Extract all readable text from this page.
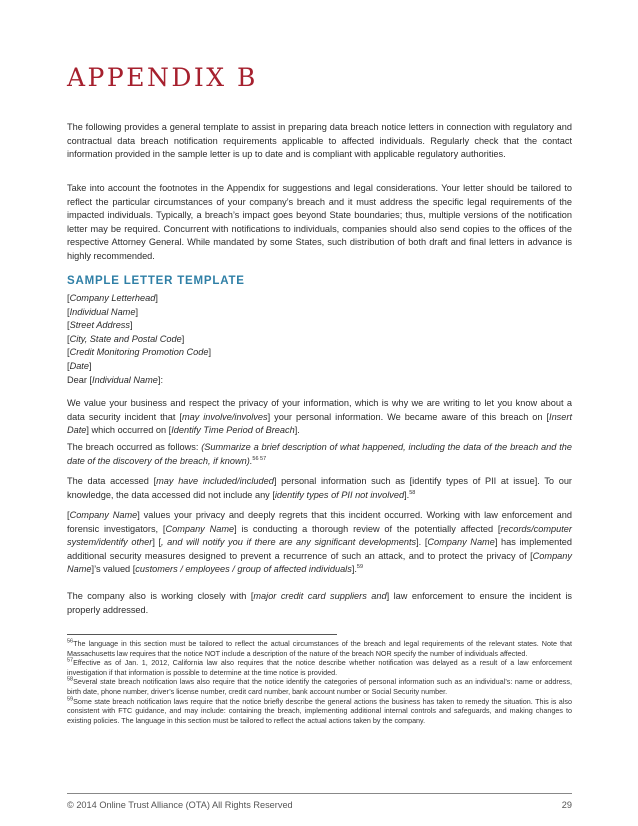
APPENDIX B

The following provides a general template to assist in preparing data breach notice letters in connection with regulatory and contractual data breach notification requirements applicable to affected individuals. Regularly check that the contact information provided in the sample letter is up to date and is compliant with applicable regulatory authorities.

Take into account the footnotes in the Appendix for suggestions and legal considerations. Your letter should be tailored to reflect the particular circumstances of your company’s breach and it must address the specific legal requirements of the impacted individuals. Typically, a breach’s impact goes beyond State boundaries; thus, multiple versions of the notification letter may be required. Concurrent with notifications to individuals, companies should also send copies to the offices of the respective Attorney General. While mandated by some States, such distribution of both draft and final letters in advance is highly recommended.

SAMPLE LETTER TEMPLATE

[Company Letterhead]

[Individual Name]

[Street Address]

[City, State and Postal Code]

[Credit Monitoring Promotion Code]

[Date]

Dear [Individual Name]:

We value your business and respect the privacy of your information, which is why we are writing to let you know about a data security incident that [may involve/involves] your personal information. We became aware of this breach on [Insert Date] which occurred on [Identify Time Period of Breach].

The breach occurred as follows: (Summarize a brief description of what happened, including the data of the breach and the date of the discovery of the breach, if known).$^{56 57}$

The data accessed [may have included/included] personal information such as [identify types of PII at issue]. To our knowledge, the data accessed did not include any [identify types of PII not involved].$^{58}$

[Company Name] values your privacy and deeply regrets that this incident occurred. Working with law enforcement and forensic investigators, [Company Name] is conducting a thorough review of the potentially affected [records/computer system/identify other] [, and will notify you if there are any significant developments]. [Company Name] has implemented additional security measures designed to prevent a recurrence of such an attack, and to protect the privacy of [Company Name]’s valued [customers / employees / group of affected individuals].$^{59}$

The company also is working closely with [major credit card suppliers and] law enforcement to ensure the incident is properly addressed.

$^{56}$The language in this section must be tailored to reflect the actual circumstances of the breach and legal requirements of the relevant states. Note that Massachusetts law requires that the notice NOT include a description of the nature of the breach NOR specify the number of individuals affected.

$^{57}$Effective as of Jan. 1, 2012, California law also requires that the notice describe whether notification was delayed as a result of a law enforcement investigation if that information is possible to determine at the time notice is provided.

$^{58}$Several state breach notification laws also require that the notice identify the categories of personal information such as an individual’s: name or address, birth date, phone number, driver’s license number, credit card number, bank account number or Social Security number.

$^{59}$Some state breach notification laws require that the notice briefly describe the general actions the business has taken to remedy the situation. This is also consistent with FTC guidance, and may include: containing the breach, implementing additional internal controls and safeguards, and making changes to existing policies. The language in this section must be tailored to reflect the actual actions taken by the company.

© 2014 Online Trust Alliance (OTA) All Rights Reserved	29
